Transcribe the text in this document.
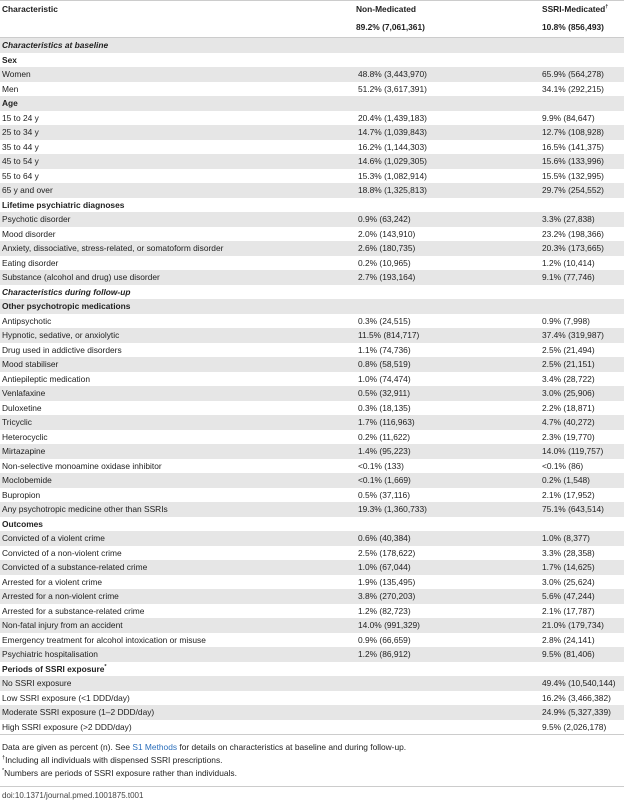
Characteristic	Non-Medicated	SSRI-Medicated†
	89.2% (7,061,361)	10.8% (856,493)
Characteristics at baseline		
Sex		
Women	48.8% (3,443,970)	65.9% (564,278)
Men	51.2% (3,617,391)	34.1% (292,215)
Age		
15 to 24 y	20.4% (1,439,183)	9.9% (84,647)
25 to 34 y	14.7% (1,039,843)	12.7% (108,928)
35 to 44 y	16.2% (1,144,303)	16.5% (141,375)
45 to 54 y	14.6% (1,029,305)	15.6% (133,996)
55 to 64 y	15.3% (1,082,914)	15.5% (132,995)
65 y and over	18.8% (1,325,813)	29.7% (254,552)
Lifetime psychiatric diagnoses		
Psychotic disorder	0.9% (63,242)	3.3% (27,838)
Mood disorder	2.0% (143,910)	23.2% (198,366)
Anxiety, dissociative, stress-related, or somatoform disorder	2.6% (180,735)	20.3% (173,665)
Eating disorder	0.2% (10,965)	1.2% (10,414)
Substance (alcohol and drug) use disorder	2.7% (193,164)	9.1% (77,746)
Characteristics during follow-up		
Other psychotropic medications		
Antipsychotic	0.3% (24,515)	0.9% (7,998)
Hypnotic, sedative, or anxiolytic	11.5% (814,717)	37.4% (319,987)
Drug used in addictive disorders	1.1% (74,736)	2.5% (21,494)
Mood stabiliser	0.8% (58,519)	2.5% (21,151)
Antiepileptic medication	1.0% (74,474)	3.4% (28,722)
Venlafaxine	0.5% (32,911)	3.0% (25,906)
Duloxetine	0.3% (18,135)	2.2% (18,871)
Tricyclic	1.7% (116,963)	4.7% (40,272)
Heterocyclic	0.2% (11,622)	2.3% (19,770)
Mirtazapine	1.4% (95,223)	14.0% (119,757)
Non-selective monoamine oxidase inhibitor	<0.1% (133)	<0.1% (86)
Moclobemide	<0.1% (1,669)	0.2% (1,548)
Bupropion	0.5% (37,116)	2.1% (17,952)
Any psychotropic medicine other than SSRIs	19.3% (1,360,733)	75.1% (643,514)
Outcomes		
Convicted of a violent crime	0.6% (40,384)	1.0% (8,377)
Convicted of a non-violent crime	2.5% (178,622)	3.3% (28,358)
Convicted of a substance-related crime	1.0% (67,044)	1.7% (14,625)
Arrested for a violent crime	1.9% (135,495)	3.0% (25,624)
Arrested for a non-violent crime	3.8% (270,203)	5.6% (47,244)
Arrested for a substance-related crime	1.2% (82,723)	2.1% (17,787)
Non-fatal injury from an accident	14.0% (991,329)	21.0% (179,734)
Emergency treatment for alcohol intoxication or misuse	0.9% (66,659)	2.8% (24,141)
Psychiatric hospitalisation	1.2% (86,912)	9.5% (81,406)
Periods of SSRI exposure*		
No SSRI exposure		49.4% (10,540,144)
Low SSRI exposure (<1 DDD/day)		16.2% (3,466,382)
Moderate SSRI exposure (1–2 DDD/day)		24.9% (5,327,339)
High SSRI exposure (>2 DDD/day)		9.5% (2,026,178)
Data are given as percent (n). See S1 Methods for details on characteristics at baseline and during follow-up.
†Including all individuals with dispensed SSRI prescriptions.
*Numbers are periods of SSRI exposure rather than individuals.
doi:10.1371/journal.pmed.1001875.t001
